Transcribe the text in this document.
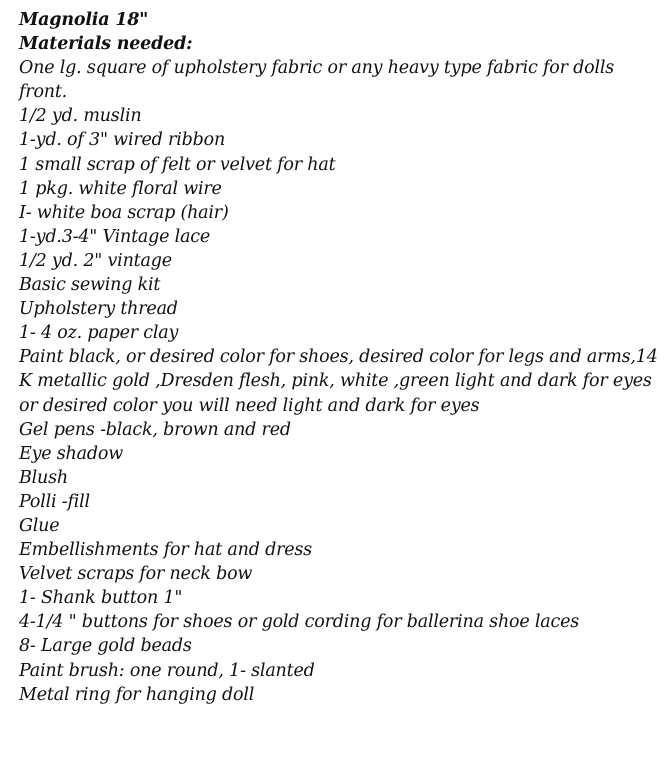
Magnolia 18"
Materials needed:
One lg. square of upholstery fabric or any heavy type fabric for dolls front.
1/2 yd. muslin
1-yd. of 3" wired ribbon
1 small scrap of felt or velvet for hat
1 pkg. white floral wire
I- white boa scrap (hair)
1-yd.3-4" Vintage lace
1/2 yd. 2" vintage
Basic sewing kit
Upholstery thread
1- 4 oz. paper clay
Paint black, or desired color for shoes, desired color for legs and arms,14 K metallic gold ,Dresden flesh, pink, white ,green light and dark for eyes or desired color you will need light and dark for eyes
Gel pens -black, brown and red
Eye shadow
Blush
Polli -fill
Glue
Embellishments for hat and dress
Velvet scraps for neck bow
1- Shank button 1"
4-1/4 " buttons for shoes or gold cording for ballerina shoe laces
8- Large gold beads
Paint brush: one round, 1- slanted
Metal ring for hanging doll
